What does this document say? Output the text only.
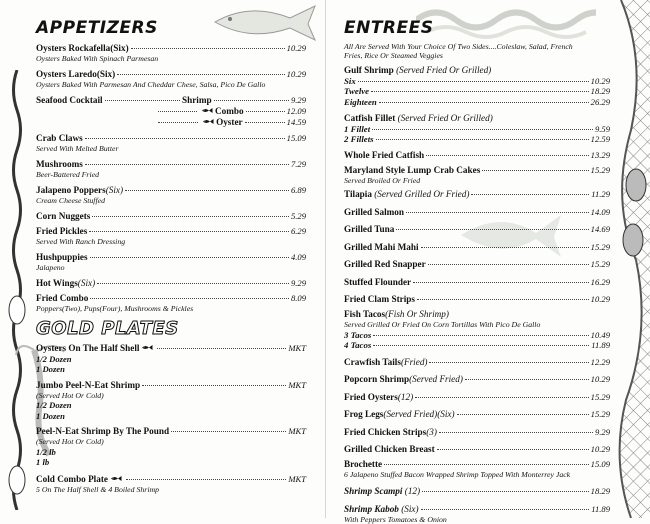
APPETIZERS
Oysters Rockafella(Six)	10.29
Oysters Baked With Spinach Parmesan
Oysters Laredo(Six)	10.29
Oysters Baked With Parmesan And Cheddar Chese, Salsa, Pico De Gallo
Seafood Cocktail	Shrimp	9.29
Combo	12.09
Oyster	14.59
Crab Claws	15.09
Served With Melted Butter
Mushrooms	7.29
Beer-Battered Fried
Jalapeno Poppers(Six)	6.89
Cream Cheese Stuffed
Corn Nuggets	5.29
Fried Pickles	6.29
Served With Ranch Dressing
Hushpuppies	4.09
Jalapeno
Hot Wings(Six)	9.29
Fried Combo	8.09
Poppers(Two), Pups(Four), Mushrooms & Pickles
GOLD PLATES
Oysters On The Half Shell	MKT
1/2 Dozen
1 Dozen
Jumbo Peel-N-Eat Shrimp	MKT
(Served Hot Or Cold)
1/2 Dozen
1 Dozen
Peel-N-Eat Shrimp By The Pound	MKT
(Served Hot Or Cold)
1/2 lb
1 lb
Cold Combo Plate	MKT
5 On The Half Shell & 4 Boiled Shrimp
ENTREES
All Are Served With Your Choice Of Two Sides....Coleslaw, Salad, French
Fries, Rice Or Steamed Veggies
Gulf Shrimp (Served Fried Or Grilled)
Six	10.29
Twelve	18.29
Eighteen	26.29
Catfish Fillet (Served Fried Or Grilled)
1 Fillet	9.59
2 Fillets	12.59
Whole Fried Catfish	13.29
Maryland Style Lump Crab Cakes	15.29
Served Broiled Or Fried
Tilapia (Served Grilled Or Fried)	11.29
Grilled Salmon	14.09
Grilled Tuna	14.69
Grilled Mahi Mahi	15.29
Grilled Red Snapper	15.29
Stuffed Flounder	16.29
Fried Clam Strips	10.29
Fish Tacos(Fish Or Shrimp)
Served Grilled Or Fried On Corn Tortillas With Pico De Gallo
3 Tacos	10.49
4 Tacos	11.89
Crawfish Tails(Fried)	12.29
Popcorn Shrimp(Served Fried)	10.29
Fried Oysters(12)	15.29
Frog Legs(Served Fried)(Six)	15.29
Fried Chicken Strips(3)	9.29
Grilled Chicken Breast	10.29
Brochette	15.09
6 Jalapeno Stuffed Bacon Wrapped Shrimp Topped With Monterrey Jack
Shrimp Scampi (12)	18.29
Shrimp Kabob (Six)	11.89
With Peppers Tomatoes & Onion
